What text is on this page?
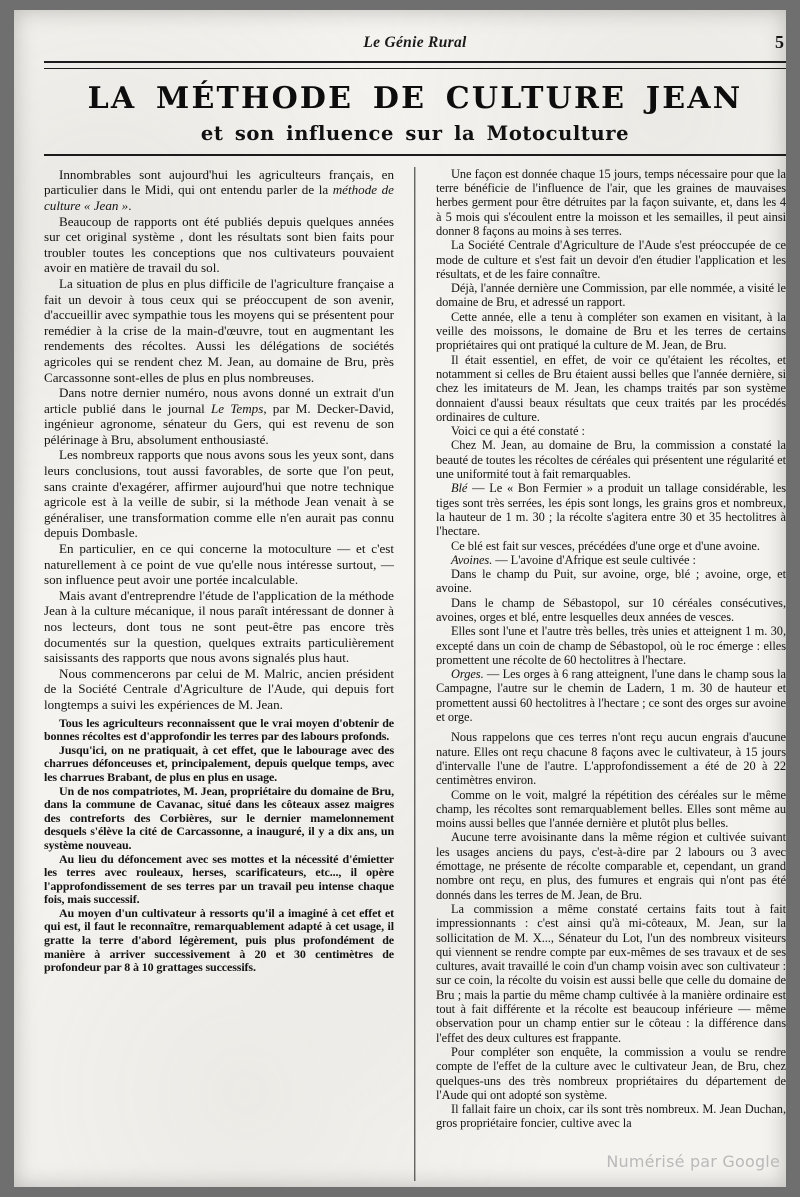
Le Génie Rural	5
LA MÉTHODE DE CULTURE JEAN
et son influence sur la Motoculture

Innombrables sont aujourd'hui les agriculteurs français, en particulier dans le Midi, qui ont entendu parler de la méthode de culture « Jean ».

Beaucoup de rapports ont été publiés depuis quelques années sur cet original système , dont les résultats sont bien faits pour troubler toutes les conceptions que nos cultivateurs pouvaient avoir en matière de travail du sol.

La situation de plus en plus difficile de l'agriculture française a fait un devoir à tous ceux qui se préoccupent de son avenir, d'accueillir avec sympathie tous les moyens qui se présentent pour remédier à la crise de la main-d'œuvre, tout en augmentant les rendements des récoltes. Aussi les délégations de sociétés agricoles qui se rendent chez M. Jean, au domaine de Bru, près Carcassonne sont-elles de plus en plus nombreuses.

Dans notre dernier numéro, nous avons donné un extrait d'un article publié dans le journal Le Temps, par M. Decker-David, ingénieur agronome, sénateur du Gers, qui est revenu de son pélérinage à Bru, absolument enthousiasté.

Les nombreux rapports que nous avons sous les yeux sont, dans leurs conclusions, tout aussi favorables, de sorte que l'on peut, sans crainte d'exagérer, affirmer aujourd'hui que notre technique agricole est à la veille de subir, si la méthode Jean venait à se généraliser, une transformation comme elle n'en aurait pas connu depuis Dombasle.

En particulier, en ce qui concerne la motoculture — et c'est naturellement à ce point de vue qu'elle nous intéresse surtout, — son influence peut avoir une portée incalculable.

Mais avant d'entreprendre l'étude de l'application de la méthode Jean à la culture mécanique, il nous paraît intéressant de donner à nos lecteurs, dont tous ne sont peut-être pas encore très documentés sur la question, quelques extraits particulièrement saisissants des rapports que nous avons signalés plus haut.

Nous commencerons par celui de M. Malric, ancien président de la Société Centrale d'Agriculture de l'Aude, qui depuis fort longtemps a suivi les expériences de M. Jean.

Tous les agriculteurs reconnaissent que le vrai moyen d'obtenir de bonnes récoltes est d'approfondir les terres par des labours profonds.

Jusqu'ici, on ne pratiquait, à cet effet, que le labourage avec des charrues défonceuses et, principalement, depuis quelque temps, avec les charrues Brabant, de plus en plus en usage.

Un de nos compatriotes, M. Jean, propriétaire du domaine de Bru, dans la commune de Cavanac, situé dans les côteaux assez maigres des contreforts des Corbières, sur le dernier mamelonnement desquels s'élève la cité de Carcassonne, a inauguré, il y a dix ans, un système nouveau.

Au lieu du défoncement avec ses mottes et la nécessité d'émietter les terres avec rouleaux, herses, scarificateurs, etc..., il opère l'approfondissement de ses terres par un travail peu intense chaque fois, mais successif.

Au moyen d'un cultivateur à ressorts qu'il a imaginé à cet effet et qui est, il faut le reconnaître, remarquablement adapté à cet usage, il gratte la terre d'abord légèrement, puis plus profondément de manière à arriver successivement à 20 et 30 centimètres de profondeur par 8 à 10 grattages successifs.

Une façon est donnée chaque 15 jours, temps nécessaire pour que la terre bénéficie de l'influence de l'air, que les graines de mauvaises herbes germent pour être détruites par la façon suivante, et, dans les 4 à 5 mois qui s'écoulent entre la moisson et les semailles, il peut ainsi donner 8 façons au moins à ses terres.

La Société Centrale d'Agriculture de l'Aude s'est préoccupée de ce mode de culture et s'est fait un devoir d'en étudier l'application et les résultats, et de les faire connaître.

Déjà, l'année dernière une Commission, par elle nommée, a visité le domaine de Bru, et adressé un rapport.

Cette année, elle a tenu à compléter son examen en visitant, à la veille des moissons, le domaine de Bru et les terres de certains propriétaires qui ont pratiqué la culture de M. Jean, de Bru.

Il était essentiel, en effet, de voir ce qu'étaient les récoltes, et notamment si celles de Bru étaient aussi belles que l'année dernière, si chez les imitateurs de M. Jean, les champs traités par son système donnaient d'aussi beaux résultats que ceux traités par les procédés ordinaires de culture.

Voici ce qui a été constaté :

Chez M. Jean, au domaine de Bru, la commission a constaté la beauté de toutes les récoltes de céréales qui présentent une régularité et une uniformité tout à fait remarquables.

Blé — Le « Bon Fermier » a produit un tallage considérable, les tiges sont très serrées, les épis sont longs, les grains gros et nombreux, la hauteur de 1 m. 30 ; la récolte s'agitera entre 30 et 35 hectolitres à l'hectare.

Ce blé est fait sur vesces, précédées d'une orge et d'une avoine.

Avoines. — L'avoine d'Afrique est seule cultivée :

Dans le champ du Puit, sur avoine, orge, blé ; avoine, orge, et avoine.

Dans le champ de Sébastopol, sur 10 céréales consécutives, avoines, orges et blé, entre lesquelles deux années de vesces.

Elles sont l'une et l'autre très belles, très unies et atteignent 1 m. 30, excepté dans un coin de champ de Sébastopol, où le roc émerge : elles promettent une récolte de 60 hectolitres à l'hectare.

Orges. — Les orges à 6 rang atteignent, l'une dans le champ sous la Campagne, l'autre sur le chemin de Ladern, 1 m. 30 de hauteur et promettent aussi 60 hectolitres à l'hectare ; ce sont des orges sur avoine et orge.

Nous rappelons que ces terres n'ont reçu aucun engrais d'aucune nature. Elles ont reçu chacune 8 façons avec le cultivateur, à 15 jours d'intervalle l'une de l'autre. L'approfondissement a été de 20 à 22 centimètres environ.

Comme on le voit, malgré la répétition des céréales sur le même champ, les récoltes sont remarquablement belles. Elles sont même au moins aussi belles que l'année dernière et plutôt plus belles.

Aucune terre avoisinante dans la même région et cultivée suivant les usages anciens du pays, c'est-à-dire par 2 labours ou 3 avec émottage, ne présente de récolte comparable et, cependant, un grand nombre ont reçu, en plus, des fumures et engrais qui n'ont pas été donnés dans les terres de M. Jean, de Bru.

La commission a même constaté certains faits tout à fait impressionnants : c'est ainsi qu'à mi-côteaux, M. Jean, sur la sollicitation de M. X..., Sénateur du Lot, l'un des nombreux visiteurs qui viennent se rendre compte par eux-mêmes de ses travaux et de ses cultures, avait travaillé le coin d'un champ voisin avec son cultivateur : sur ce coin, la récolte du voisin est aussi belle que celle du domaine de Bru ; mais la partie du même champ cultivée à la manière ordinaire est tout à fait différente et la récolte est beaucoup inférieure — même observation pour un champ entier sur le côteau : la différence dans l'effet des deux cultures est frappante.

Pour compléter son enquête, la commission a voulu se rendre compte de l'effet de la culture avec le cultivateur Jean, de Bru, chez quelques-uns des très nombreux propriétaires du département de l'Aude qui ont adopté son système.

Il fallait faire un choix, car ils sont très nombreux. M. Jean Duchan, gros propriétaire foncier, cultive avec la

Numérisé par Google
